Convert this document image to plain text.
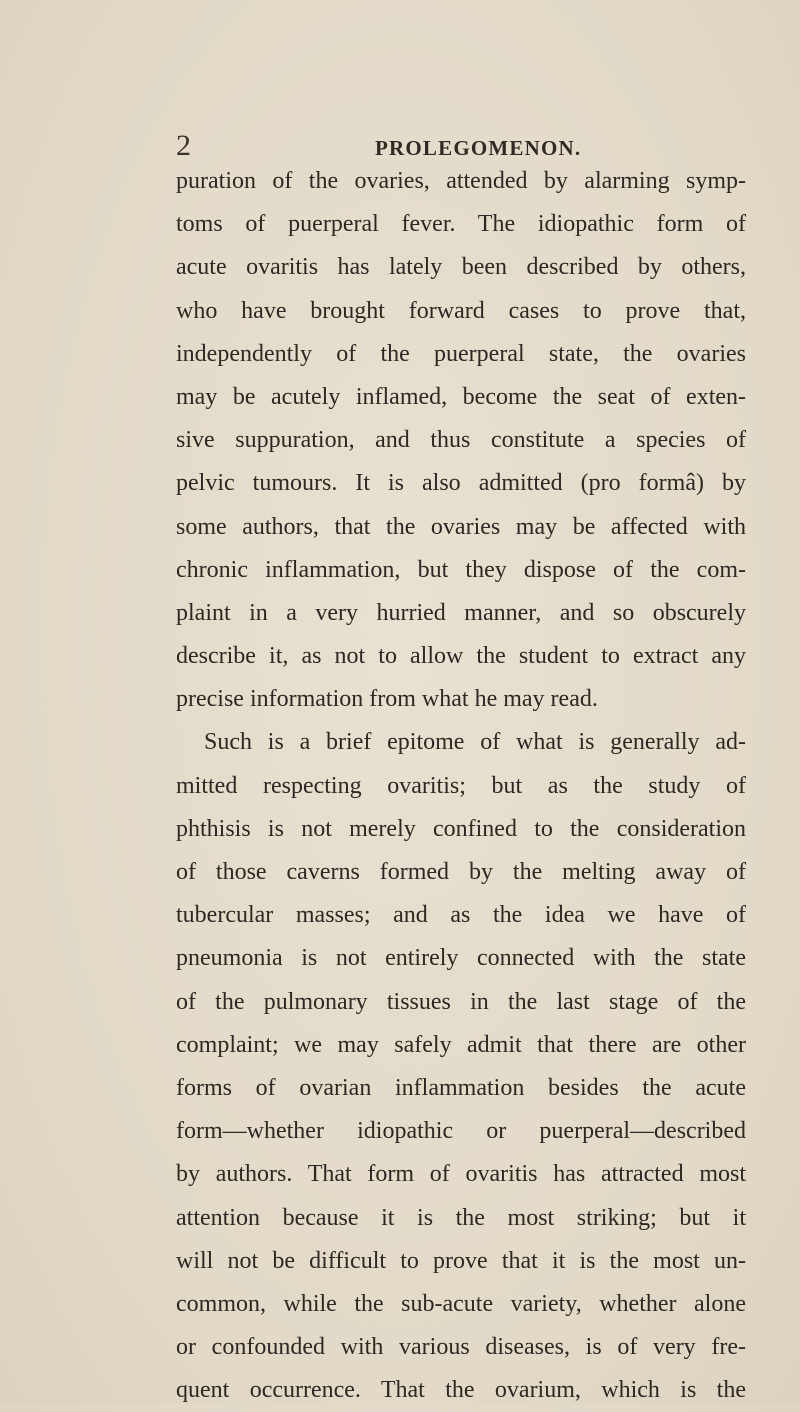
2	PROLEGOMENON.
puration of the ovaries, attended by alarming symp-
toms of puerperal fever. The idiopathic form of
acute ovaritis has lately been described by others,
who have brought forward cases to prove that,
independently of the puerperal state, the ovaries
may be acutely inflamed, become the seat of exten-
sive suppuration, and thus constitute a species of
pelvic tumours. It is also admitted (pro formâ) by
some authors, that the ovaries may be affected with
chronic inflammation, but they dispose of the com-
plaint in a very hurried manner, and so obscurely
describe it, as not to allow the student to extract any
precise information from what he may read.
Such is a brief epitome of what is generally ad-
mitted respecting ovaritis; but as the study of
phthisis is not merely confined to the consideration
of those caverns formed by the melting away of
tubercular masses; and as the idea we have of
pneumonia is not entirely connected with the state
of the pulmonary tissues in the last stage of the
complaint; we may safely admit that there are other
forms of ovarian inflammation besides the acute
form—whether idiopathic or puerperal—described
by authors. That form of ovaritis has attracted most
attention because it is the most striking; but it
will not be difficult to prove that it is the most un-
common, while the sub-acute variety, whether alone
or confounded with various diseases, is of very fre-
quent occurrence. That the ovarium, which is the
